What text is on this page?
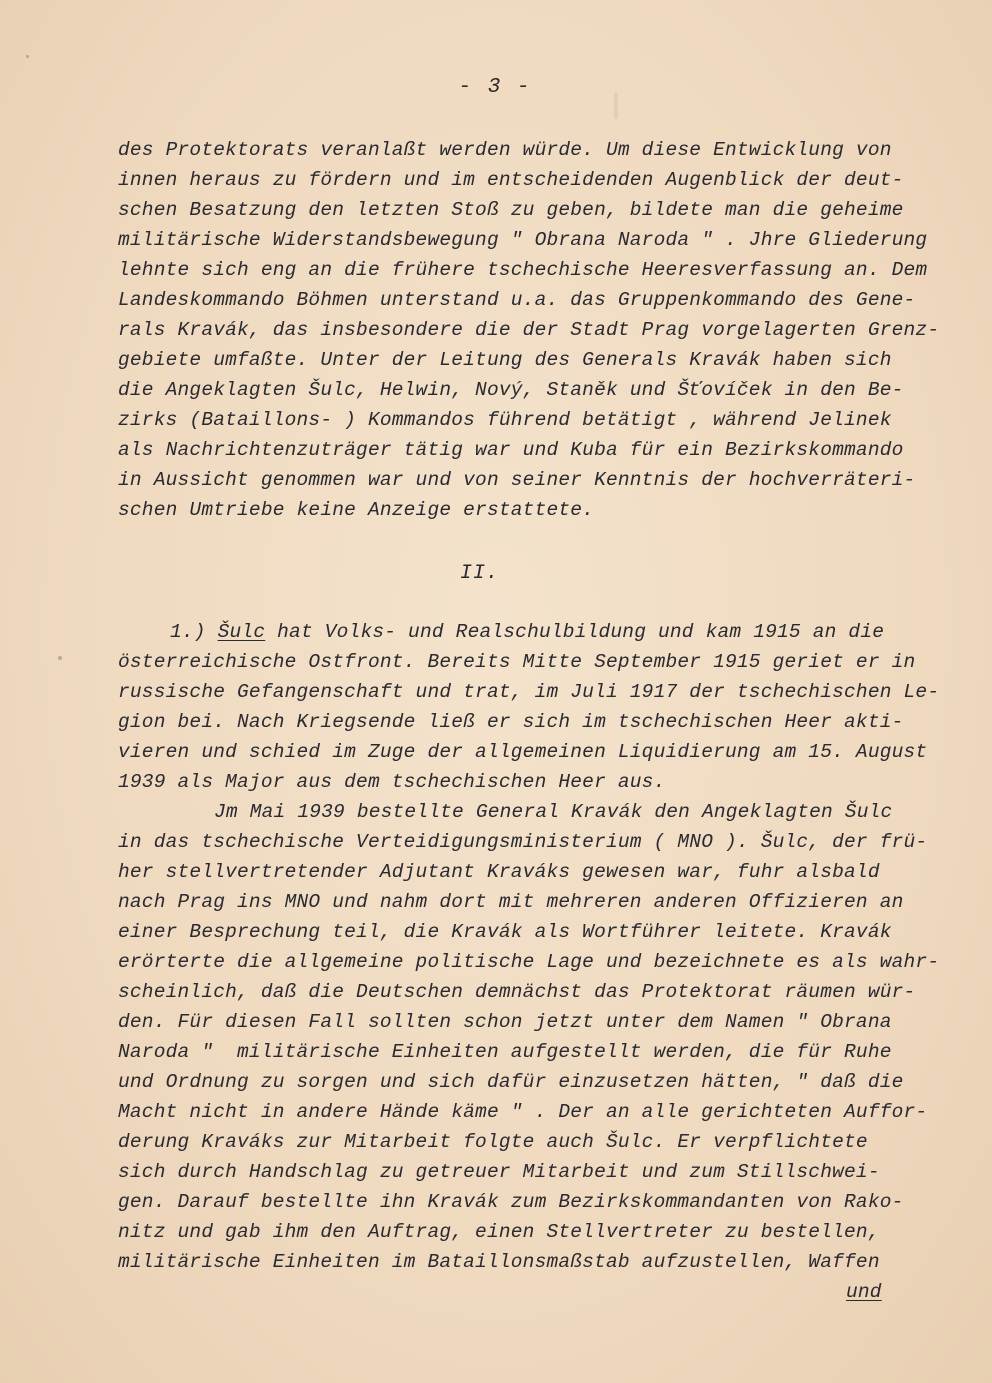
|
- 3 -
des Protektorats veranlaßt werden würde. Um diese Entwicklung von
innen heraus zu fördern und im entscheidenden Augenblick der deut-
schen Besatzung den letzten Stoß zu geben, bildete man die geheime
militärische Widerstandsbewegung " Obrana Naroda " . Jhre Gliederung
lehnte sich eng an die frühere tschechische Heeresverfassung an. Dem
Landeskommando Böhmen unterstand u.a. das Gruppenkommando des Gene-
rals Kravák, das insbesondere die der Stadt Prag vorgelagerten Grenz-
gebiete umfaßte. Unter der Leitung des Generals Kravák haben sich
die Angeklagten Šulc, Helwin, Nový, Staněk und Šťovíček in den Be-
zirks (Bataillons- ) Kommandos führend betätigt , während Jelinek
als Nachrichtenzuträger tätig war und Kuba für ein Bezirkskommando
in Aussicht genommen war und von seiner Kenntnis der hochverräteri-
schen Umtriebe keine Anzeige erstattete.
II.
1.) Šulc hat Volks- und Realschulbildung und kam 1915 an die
österreichische Ostfront. Bereits Mitte September 1915 geriet er in
russische Gefangenschaft und trat, im Juli 1917 der tschechischen Le-
gion bei. Nach Kriegsende ließ er sich im tschechischen Heer akti-
vieren und schied im Zuge der allgemeinen Liquidierung am 15. August
1939 als Major aus dem tschechischen Heer aus.
Jm Mai 1939 bestellte General Kravák den Angeklagten Šulc
in das tschechische Verteidigungsministerium ( MNO ). Šulc, der frü-
her stellvertretender Adjutant Kraváks gewesen war, fuhr alsbald
nach Prag ins MNO und nahm dort mit mehreren anderen Offizieren an
einer Besprechung teil, die Kravák als Wortführer leitete. Kravák
erörterte die allgemeine politische Lage und bezeichnete es als wahr-
scheinlich, daß die Deutschen demnächst das Protektorat räumen wür-
den. Für diesen Fall sollten schon jetzt unter dem Namen " Obrana
Naroda "  militärische Einheiten aufgestellt werden, die für Ruhe
und Ordnung zu sorgen und sich dafür einzusetzen hätten, " daß die
Macht nicht in andere Hände käme " . Der an alle gerichteten Auffor-
derung Kraváks zur Mitarbeit folgte auch Šulc. Er verpflichtete
sich durch Handschlag zu getreuer Mitarbeit und zum Stillschwei-
gen. Darauf bestellte ihn Kravák zum Bezirkskommandanten von Rako-
nitz und gab ihm den Auftrag, einen Stellvertreter zu bestellen,
militärische Einheiten im Bataillonsmaßstab aufzustellen, Waffen
und
